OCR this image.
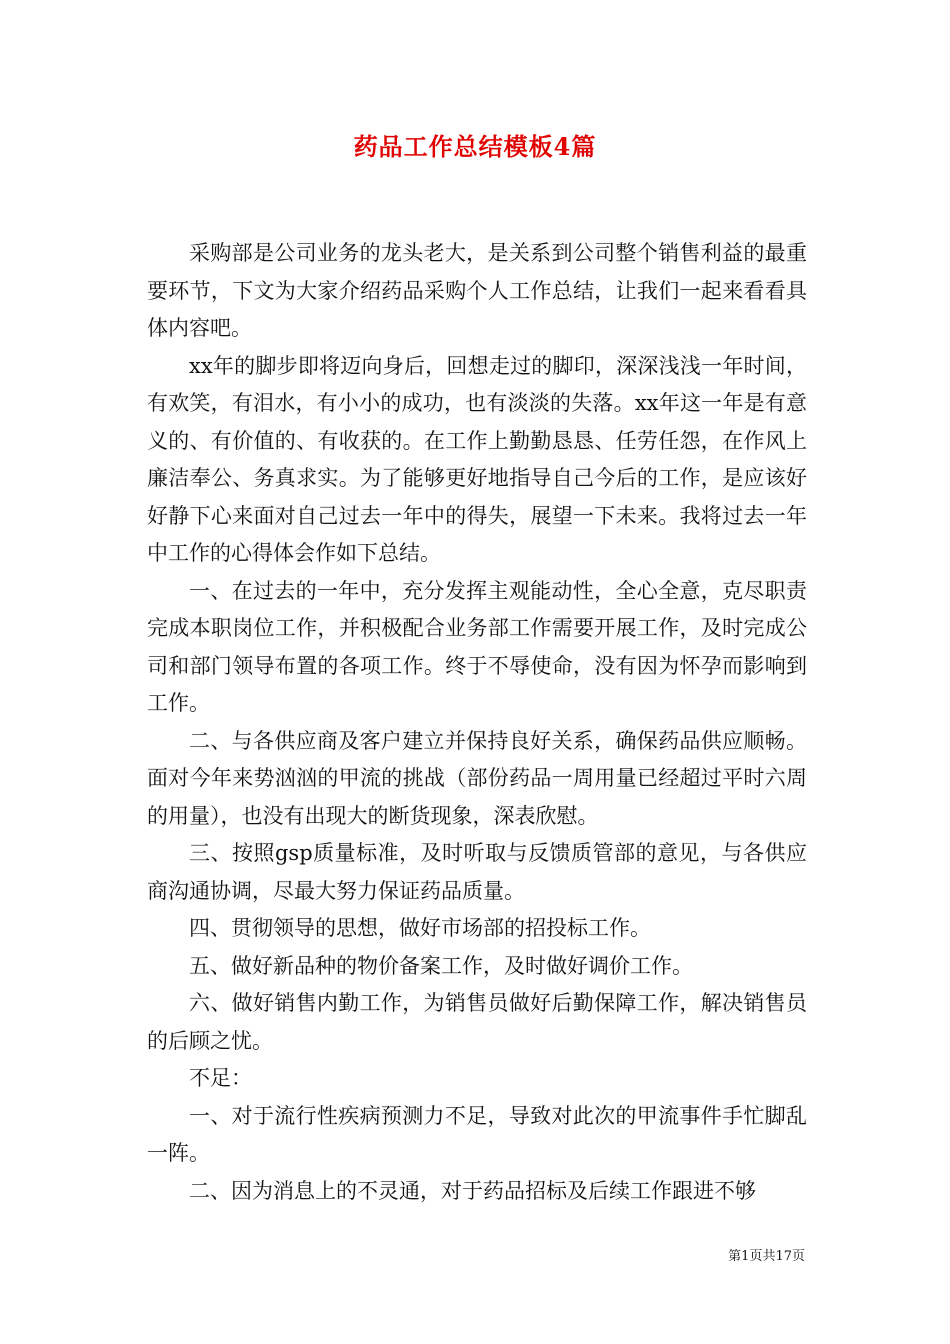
药品工作总结模板4篇

采购部是公司业务的龙头老大，是关系到公司整个销售利益的最重要环节，下文为大家介绍药品采购个人工作总结，让我们一起来看看具体内容吧。

xx年的脚步即将迈向身后，回想走过的脚印，深深浅浅一年时间，有欢笑，有泪水，有小小的成功，也有淡淡的失落。xx年这一年是有意义的、有价值的、有收获的。在工作上勤勤恳恳、任劳任怨，在作风上廉洁奉公、务真求实。为了能够更好地指导自己今后的工作，是应该好好静下心来面对自己过去一年中的得失，展望一下未来。我将过去一年中工作的心得体会作如下总结。

一、在过去的一年中，充分发挥主观能动性，全心全意，克尽职责完成本职岗位工作，并积极配合业务部工作需要开展工作，及时完成公司和部门领导布置的各项工作。终于不辱使命，没有因为怀孕而影响到工作。

二、与各供应商及客户建立并保持良好关系，确保药品供应顺畅。面对今年来势汹汹的甲流的挑战（部份药品一周用量已经超过平时六周的用量），也没有出现大的断货现象，深表欣慰。

三、按照gsp质量标准，及时听取与反馈质管部的意见，与各供应商沟通协调，尽最大努力保证药品质量。

四、贯彻领导的思想，做好市场部的招投标工作。

五、做好新品种的物价备案工作，及时做好调价工作。

六、做好销售内勤工作，为销售员做好后勤保障工作，解决销售员的后顾之忧。

不足：

一、对于流行性疾病预测力不足，导致对此次的甲流事件手忙脚乱一阵。

二、因为消息上的不灵通，对于药品招标及后续工作跟进不够

第1页共17页
